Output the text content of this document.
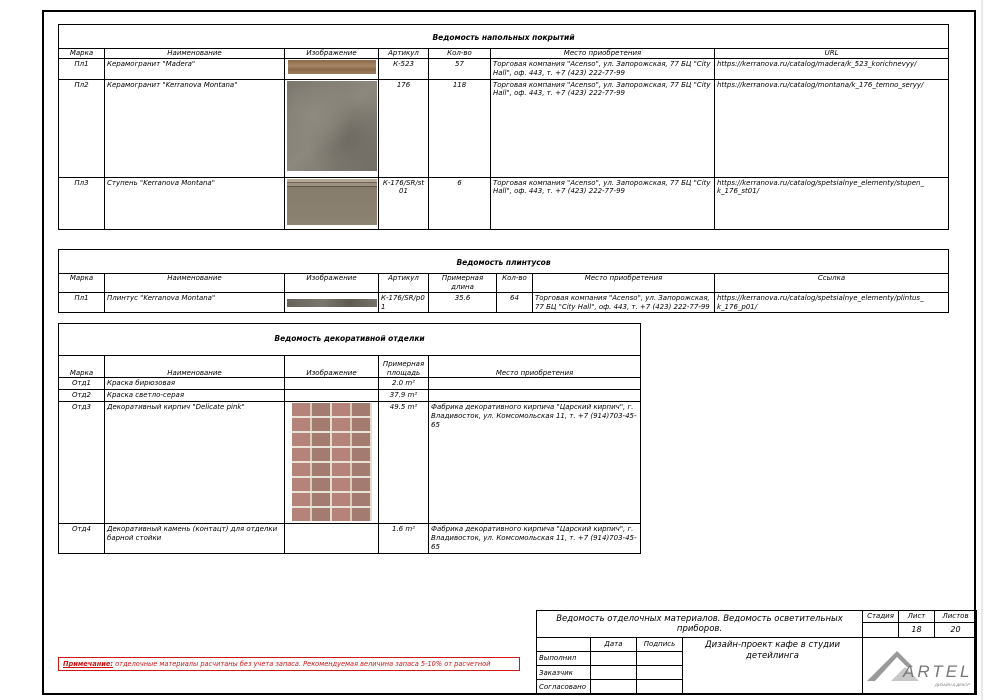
Ведомость напольных покрытий						
Марка	Наименование	Изображение	Артикул	Кол-во	Место приобретения	URL
Пл1	Керамогранит "Madera"		К-523	57	Торговая компания "Acenso", ул. Запорожская, 77 БЦ "City Hall", оф. 443, т. +7 (423) 222-77-99	https://kerranova.ru/catalog/madera/k_523_korichnevyy/
Пл2	Керамогранит "Kerranova Montana"		176	118	Торговая компания "Acenso", ул. Запорожская, 77 БЦ "City Hall", оф. 443, т. +7 (423) 222-77-99	https://kerranova.ru/catalog/montana/k_176_temno_seryy/
Пл3	Ступень "Kerranova Montana"		К-176/SR/st 01	6	Торговая компания "Acenso", ул. Запорожская, 77 БЦ "City Hall", оф. 443, т. +7 (423) 222-77-99	https://kerranova.ru/catalog/spetsialnye_elementy/stupen_ k_176_st01/
Ведомость плинтусов							
Марка	Наименование	Изображение	Артикул	Примерная длина	Кол-во	Место приобретения	Ссылка
Пл1	Плинтус "Kerranova Montana"		К-176/SR/p0 1	35.6	64	Торговая компания "Acenso", ул. Запорожская, 77 БЦ "City Hall", оф. 443, т. +7 (423) 222-77-99	https://kerranova.ru/catalog/spetsialnye_elementy/plintus_ k_176_p01/
Ведомость декоративной отделки				
Марка	Наименование	Изображение	Примерная площадь	Место приобретения
Отд1	Краска бирюзовая		2.0 m²	
Отд2	Краска светло-серая		37.9 m²	
Отд3	Декоративный кирпич "Delicate pink"		49.5 m²	Фабрика декоративного кирпича "Царский кирпич", г. Владивосток, ул. Комсомольская 11, т. +7 (914)703-45-65
Отд4	Декоративный камень (контацт) для отделки барной стойки		1.6 m²	Фабрика декоративного кирпича "Царский кирпич", г. Владивосток, ул. Комсомольская 11, т. +7 (914)703-45-65
Примечание: отделочные материалы расчитаны без учета запаса. Рекомендуемая величина запаса 5-10% от расчетной
Ведомость отделочных материалов. Ведомость осветительных приборов.				Стадия	Лист	Листов
					18	20
	Дата	Подпись	Дизайн-проект кафе в студии детейлинга	ARTEL
ДИЗАЙН & ДЕКОР		

Выполнил						
Заказчик						
Согласовано						
